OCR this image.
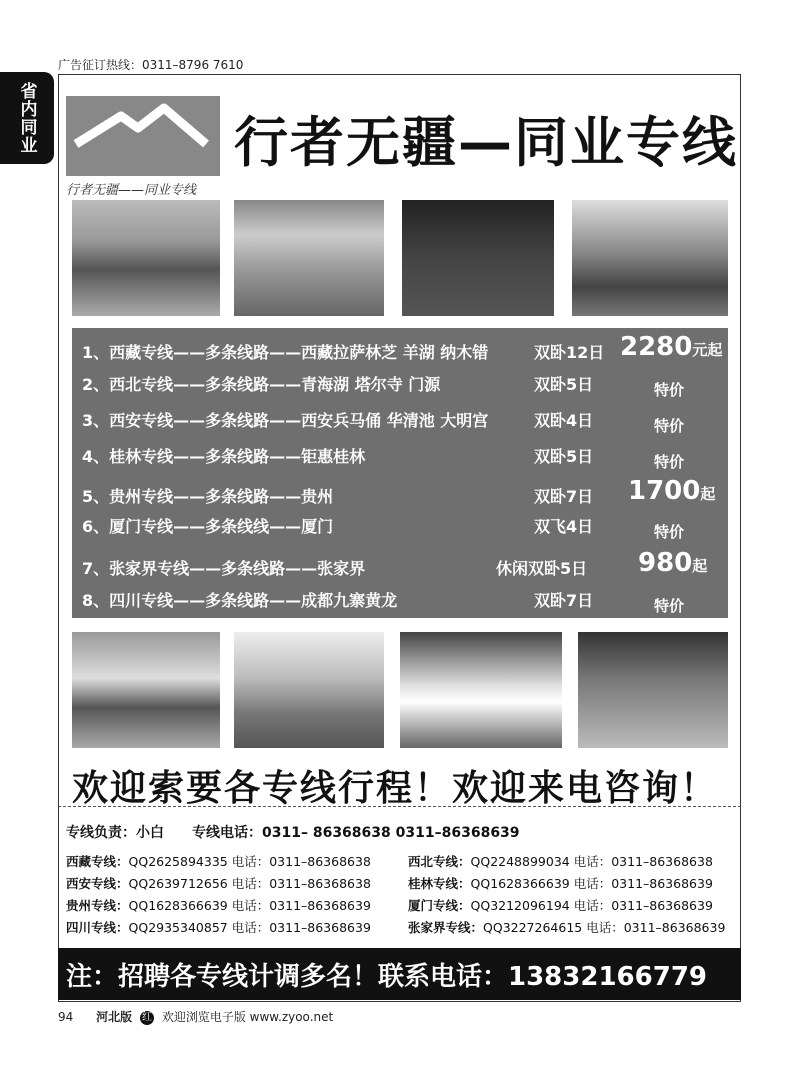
广告征订热线：0311–8796 7610
省内同业
行者无疆——同业专线
行者无疆—同业专线
1、西藏专线——多条线路——西藏拉萨林芝 羊湖 纳木错	双卧12日 2280元起
2、西北专线——多条线路——青海湖 塔尔寺 门源	双卧5日	特价
3、西安专线——多条线路——西安兵马俑 华清池 大明宫	双卧4日	特价
4、桂林专线——多条线路——钜惠桂林	双卧5日	特价
5、贵州专线——多条线路——贵州	双卧7日 1700起
6、厦门专线——多条线线——厦门	双飞4日	特价
7、张家界专线——多条线路——张家界	休闲双卧5日 980起
8、四川专线——多条线路——成都九寨黄龙	双卧7日	特价
欢迎索要各专线行程！欢迎来电咨询！
专线负责：小白　　专线电话：0311– 86368638 0311–86368639
西藏专线：QQ2625894335 电话：0311–86368638	西北专线：QQ2248899034 电话：0311–86368638
西安专线：QQ2639712656 电话：0311–86368638	桂林专线：QQ1628366639 电话：0311–86368639
贵州专线：QQ1628366639 电话：0311–86368639	厦门专线：QQ3212096194 电话：0311–86368639
四川专线：QQ2935340857 电话：0311–86368639	张家界专线：QQ3227264615 电话：0311–86368639
注：招聘各专线计调多名！联系电话：13832166779
94 河北版 红 欢迎浏览电子版 www.zyoo.net
